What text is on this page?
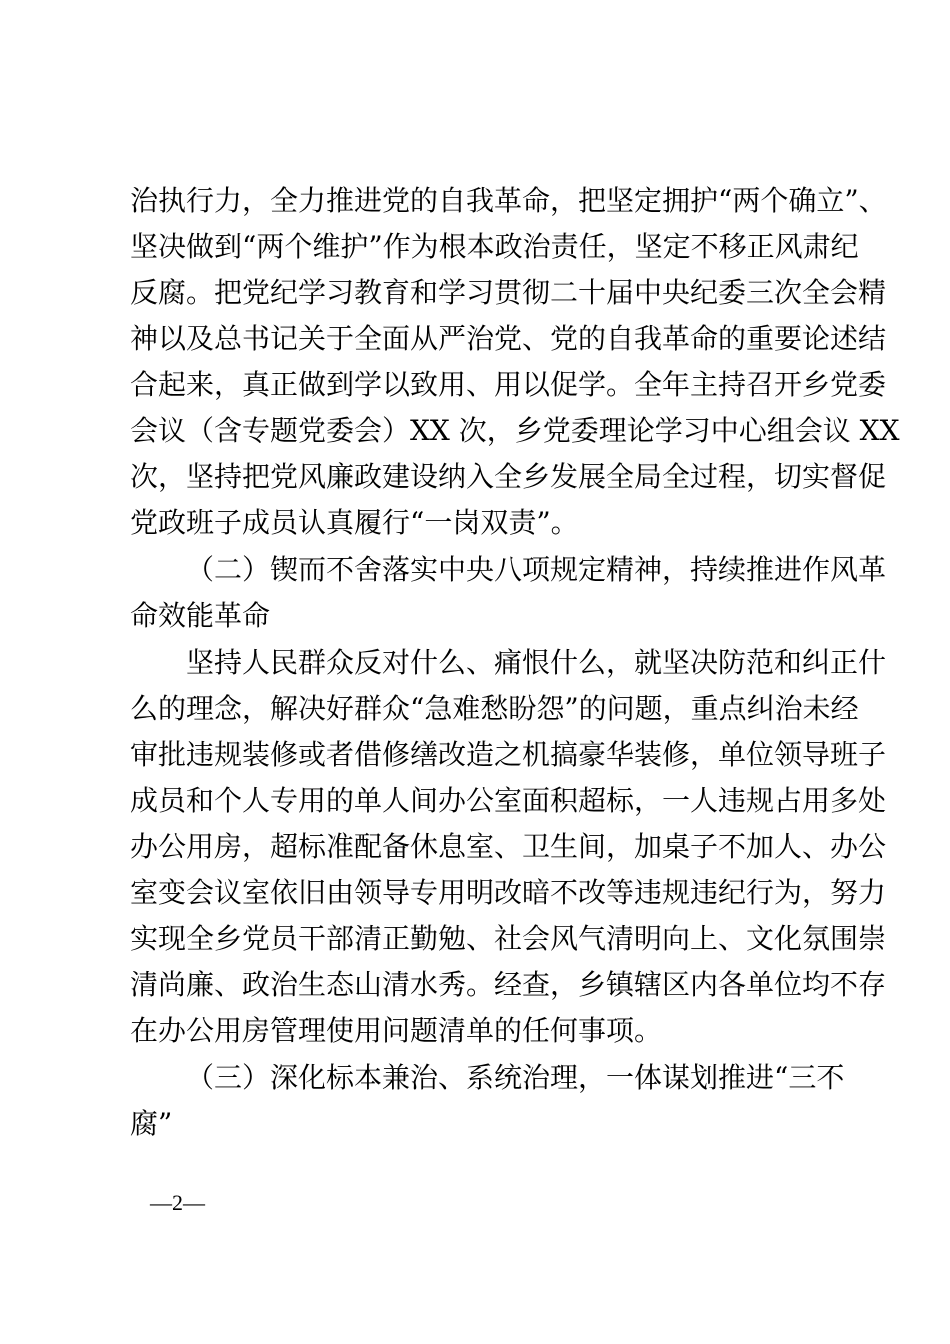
治执行力，全力推进党的自我革命，把坚定拥护“两个确立”、
坚决做到“两个维护”作为根本政治责任，坚定不移正风肃纪
反腐。把党纪学习教育和学习贯彻二十届中央纪委三次全会精
神以及总书记关于全面从严治党、党的自我革命的重要论述结
合起来，真正做到学以致用、用以促学。全年主持召开乡党委
会议（含专题党委会）XX 次，乡党委理论学习中心组会议 XX
次，坚持把党风廉政建设纳入全乡发展全局全过程，切实督促
党政班子成员认真履行“一岗双责”。
（二）锲而不舍落实中央八项规定精神，持续推进作风革
命效能革命
坚持人民群众反对什么、痛恨什么，就坚决防范和纠正什
么的理念，解决好群众“急难愁盼怨”的问题，重点纠治未经
审批违规装修或者借修缮改造之机搞豪华装修，单位领导班子
成员和个人专用的单人间办公室面积超标，一人违规占用多处
办公用房，超标准配备休息室、卫生间，加桌子不加人、办公
室变会议室依旧由领导专用明改暗不改等违规违纪行为，努力
实现全乡党员干部清正勤勉、社会风气清明向上、文化氛围崇
清尚廉、政治生态山清水秀。经查，乡镇辖区内各单位均不存
在办公用房管理使用问题清单的任何事项。
（三）深化标本兼治、系统治理，一体谋划推进“三不
腐”
—2—
